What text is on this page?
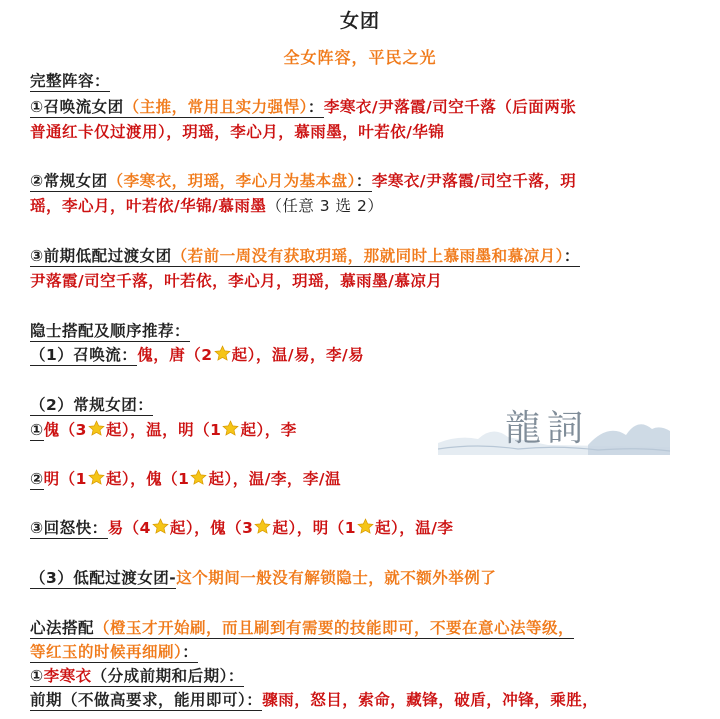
女团
全女阵容，平民之光
完整阵容：
①召唤流女团（主推，常用且实力强悍）：李寒衣/尹落霞/司空千落（后面两张
普通红卡仅过渡用），玥瑶，李心月，慕雨墨，叶若依/华锦
②常规女团（李寒衣，玥瑶，李心月为基本盘）：李寒衣/尹落霞/司空千落，玥
瑶，李心月，叶若依/华锦/慕雨墨（任意 3 选 2）
③前期低配过渡女团（若前一周没有获取玥瑶，那就同时上慕雨墨和慕凉月）：
尹落霞/司空千落，叶若依，李心月，玥瑶，慕雨墨/慕凉月
隐士搭配及顺序推荐：
（1）召唤流：傀，唐（2 起），温/易，李/易
（2）常规女团：
①傀（3 起），温，明（1 起），李
②明（1 起），傀（1 起），温/李，李/温
③回怒快：易（4 起），傀（3 起），明（1 起），温/李
（3）低配过渡女团-这个期间一般没有解锁隐士，就不额外举例了
心法搭配（橙玉才开始刷，而且刷到有需要的技能即可，不要在意心法等级，
等红玉的时候再细刷）：
①李寒衣（分成前期和后期）：
前期（不做高要求，能用即可）：骤雨，怒目，索命，藏锋，破盾，冲锋，乘胜，
龍詞
